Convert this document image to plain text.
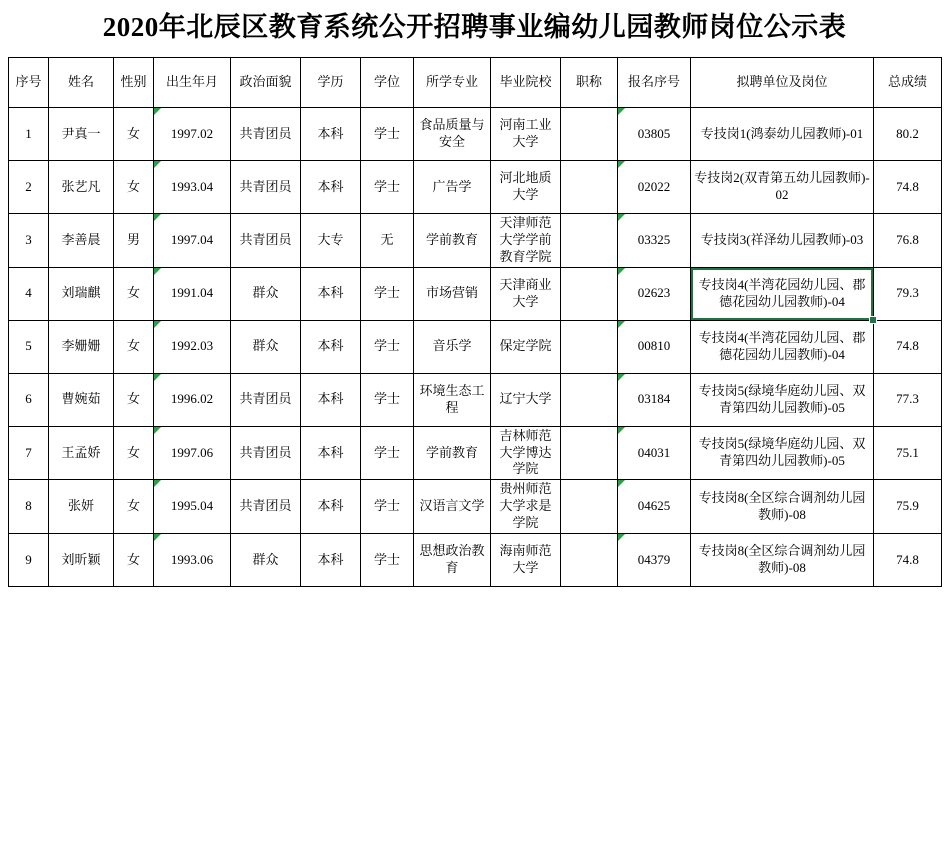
2020年北辰区教育系统公开招聘事业编幼儿园教师岗位公示表
序号	姓名	性别	出生年月	政治面貌	学历	学位	所学专业	毕业院校	职称	报名序号	拟聘单位及岗位	总成绩
1	尹真一	女	1997.02	共青团员	本科	学士	食品质量与安全	河南工业大学		03805	专技岗1(鸿泰幼儿园教师)-01	80.2
2	张艺凡	女	1993.04	共青团员	本科	学士	广告学	河北地质大学		02022	专技岗2(双青第五幼儿园教师)-02	74.8
3	李善晨	男	1997.04	共青团员	大专	无	学前教育	天津师范大学学前教育学院		03325	专技岗3(祥泽幼儿园教师)-03	76.8
4	刘瑞麒	女	1991.04	群众	本科	学士	市场营销	天津商业大学		02623	专技岗4(半湾花园幼儿园、郡德花园幼儿园教师)-04	79.3
5	李姗姗	女	1992.03	群众	本科	学士	音乐学	保定学院		00810	专技岗4(半湾花园幼儿园、郡德花园幼儿园教师)-04	74.8
6	曹婉茹	女	1996.02	共青团员	本科	学士	环境生态工程	辽宁大学		03184	专技岗5(绿境华庭幼儿园、双青第四幼儿园教师)-05	77.3
7	王孟娇	女	1997.06	共青团员	本科	学士	学前教育	吉林师范大学博达学院		04031	专技岗5(绿境华庭幼儿园、双青第四幼儿园教师)-05	75.1
8	张妍	女	1995.04	共青团员	本科	学士	汉语言文学	贵州师范大学求是学院		04625	专技岗8(全区综合调剂幼儿园教师)-08	75.9
9	刘昕颖	女	1993.06	群众	本科	学士	思想政治教育	海南师范大学		04379	专技岗8(全区综合调剂幼儿园教师)-08	74.8
